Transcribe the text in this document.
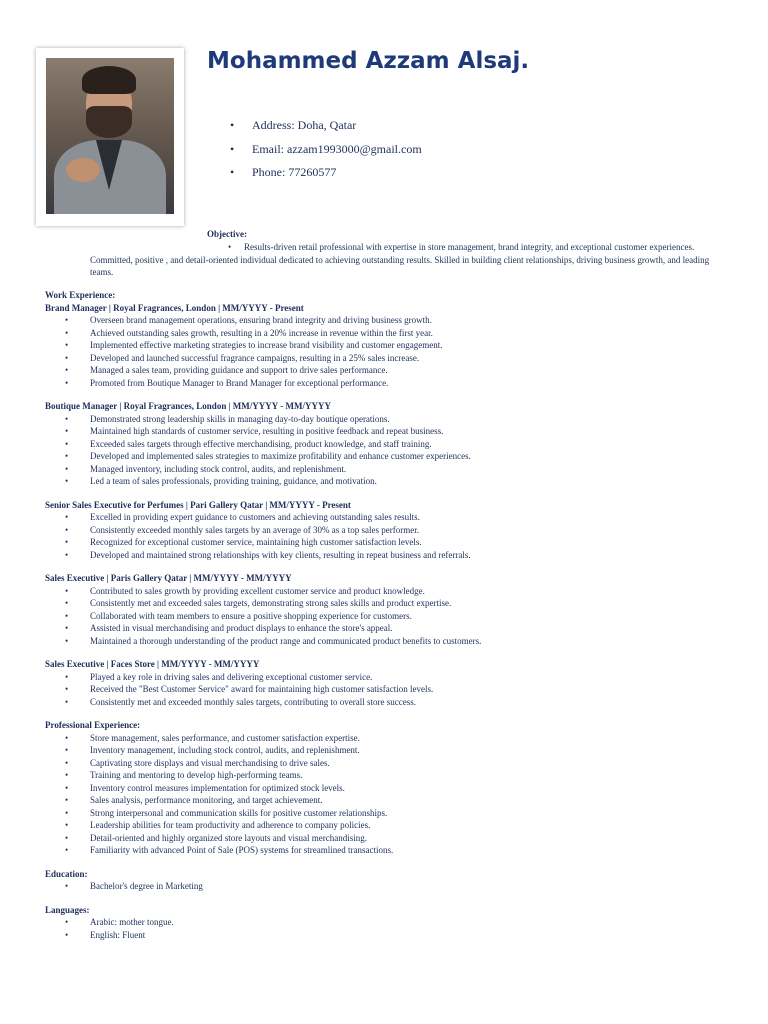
Mohammed Azzam Alsaj.
• Address: Doha, Qatar
• Email: azzam1993000@gmail.com
• Phone: 77260577
Objective:

• Results-driven retail professional with expertise in store management, brand integrity, and exceptional customer experiences. Committed, positive , and detail-oriented individual dedicated to achieving outstanding results. Skilled in building client relationships, driving business growth, and leading teams.

Work Experience:

Brand Manager | Royal Fragrances, London | MM/YYYY - Present

• Overseen brand management operations, ensuring brand integrity and driving business growth.
• Achieved outstanding sales growth, resulting in a 20% increase in revenue within the first year.
• Implemented effective marketing strategies to increase brand visibility and customer engagement.
• Developed and launched successful fragrance campaigns, resulting in a 25% sales increase.
• Managed a sales team, providing guidance and support to drive sales performance.
• Promoted from Boutique Manager to Brand Manager for exceptional performance.

Boutique Manager | Royal Fragrances, London | MM/YYYY - MM/YYYY

• Demonstrated strong leadership skills in managing day-to-day boutique operations.
• Maintained high standards of customer service, resulting in positive feedback and repeat business.
• Exceeded sales targets through effective merchandising, product knowledge, and staff training.
• Developed and implemented sales strategies to maximize profitability and enhance customer experiences.
• Managed inventory, including stock control, audits, and replenishment.
• Led a team of sales professionals, providing training, guidance, and motivation.

Senior Sales Executive for Perfumes | Pari Gallery Qatar | MM/YYYY - Present

• Excelled in providing expert guidance to customers and achieving outstanding sales results.
• Consistently exceeded monthly sales targets by an average of 30% as a top sales performer.
• Recognized for exceptional customer service, maintaining high customer satisfaction levels.
• Developed and maintained strong relationships with key clients, resulting in repeat business and referrals.

Sales Executive | Paris Gallery Qatar | MM/YYYY - MM/YYYY

• Contributed to sales growth by providing excellent customer service and product knowledge.
• Consistently met and exceeded sales targets, demonstrating strong sales skills and product expertise.
• Collaborated with team members to ensure a positive shopping experience for customers.
• Assisted in visual merchandising and product displays to enhance the store's appeal.
• Maintained a thorough understanding of the product range and communicated product benefits to customers.

Sales Executive | Faces Store | MM/YYYY - MM/YYYY

• Played a key role in driving sales and delivering exceptional customer service.
• Received the "Best Customer Service" award for maintaining high customer satisfaction levels.
• Consistently met and exceeded monthly sales targets, contributing to overall store success.

Professional Experience:

• Store management, sales performance, and customer satisfaction expertise.
• Inventory management, including stock control, audits, and replenishment.
• Captivating store displays and visual merchandising to drive sales.
• Training and mentoring to develop high-performing teams.
• Inventory control measures implementation for optimized stock levels.
• Sales analysis, performance monitoring, and target achievement.
• Strong interpersonal and communication skills for positive customer relationships.
• Leadership abilities for team productivity and adherence to company policies.
• Detail-oriented and highly organized store layouts and visual merchandising.
• Familiarity with advanced Point of Sale (POS) systems for streamlined transactions.

Education:

• Bachelor's degree in Marketing

Languages:

• Arabic: mother tongue.
• English: Fluent
